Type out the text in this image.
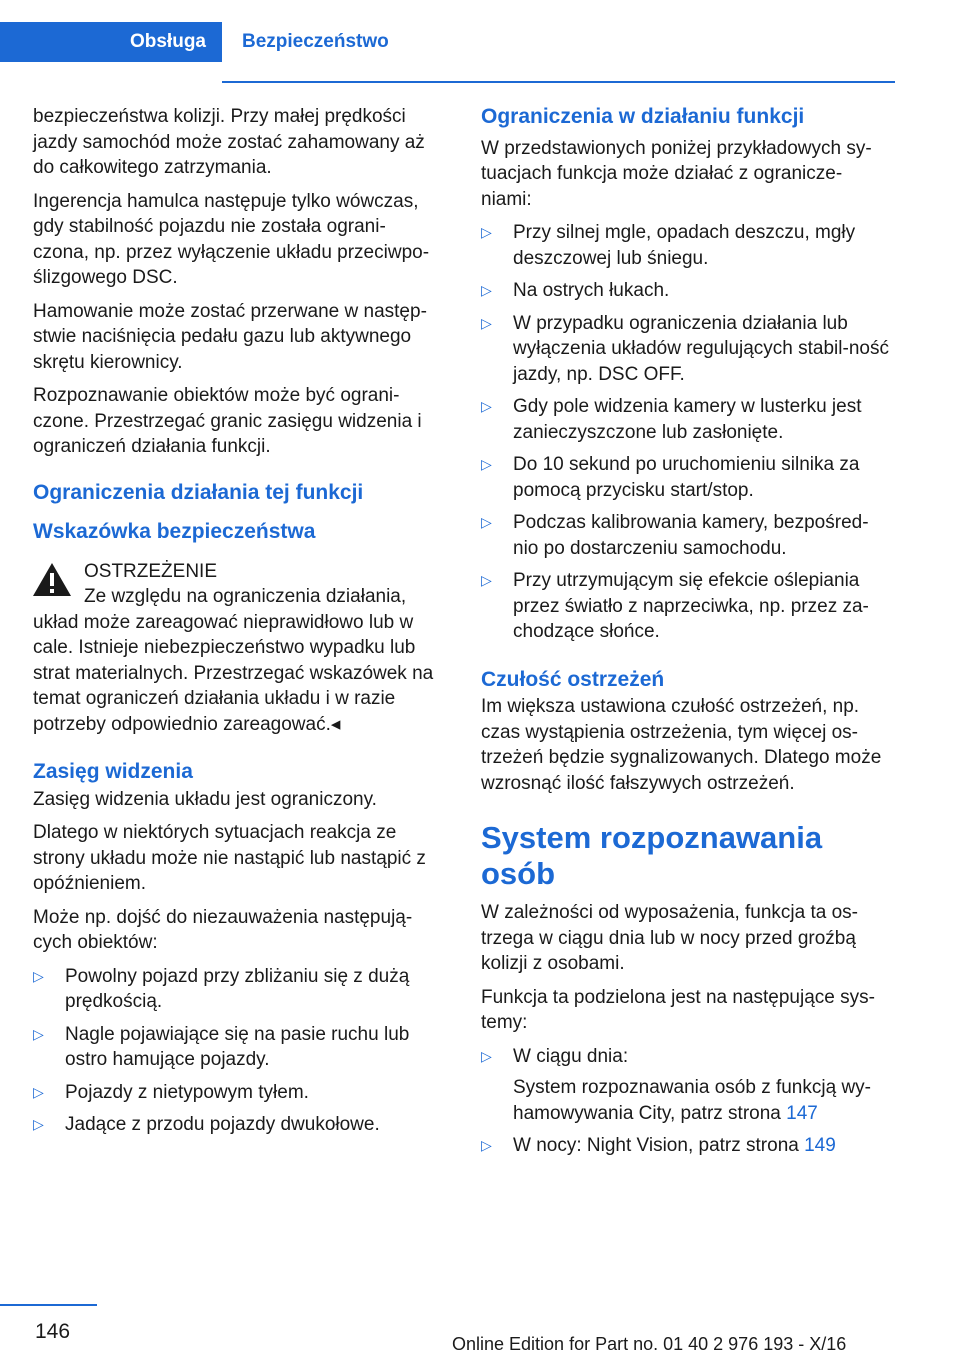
Obsługa	Bezpieczeństwo

bezpieczeństwa kolizji. Przy małej prędkości jazdy samochód może zostać zahamowany aż do całkowitego zatrzymania.

Ingerencja hamulca następuje tylko wówczas, gdy stabilność pojazdu nie została ograni‐czona, np. przez wyłączenie układu przeciwpo‐ślizgowego DSC.

Hamowanie może zostać przerwane w następ‐stwie naciśnięcia pedału gazu lub aktywnego skrętu kierownicy.

Rozpoznawanie obiektów może być ograni‐czone. Przestrzegać granic zasięgu widzenia i ograniczeń działania funkcji.

Ograniczenia działania tej funkcji
Wskazówka bezpieczeństwa
OSTRZEŻENIE
Ze względu na ograniczenia działania, układ może zareagować nieprawidłowo lub w cale. Istnieje niebezpieczeństwo wypadku lub strat materialnych. Przestrzegać wskazówek na temat ograniczeń działania układu i w razie potrzeby odpowiednio zareagować.◂
Zasięg widzenia

Zasięg widzenia układu jest ograniczony.

Dlatego w niektórych sytuacjach reakcja ze strony układu może nie nastąpić lub nastąpić z opóźnieniem.

Może np. dojść do niezauważenia następują‐cych obiektów:

▷ Powolny pojazd przy zbliżaniu się z dużą prędkością.
▷ Nagle pojawiające się na pasie ruchu lub ostro hamujące pojazdy.
▷ Pojazdy z nietypowym tyłem.
▷ Jadące z przodu pojazdy dwukołowe.
Ograniczenia w działaniu funkcji

W przedstawionych poniżej przykładowych sy‐tuacjach funkcja może działać z ogranicze‐niami:

▷ Przy silnej mgle, opadach deszczu, mgły deszczowej lub śniegu.
▷ Na ostrych łukach.
▷ W przypadku ograniczenia działania lub wyłączenia układów regulujących stabil‐ność jazdy, np. DSC OFF.
▷ Gdy pole widzenia kamery w lusterku jest zanieczyszczone lub zasłonięte.
▷ Do 10 sekund po uruchomieniu silnika za pomocą przycisku start/stop.
▷ Podczas kalibrowania kamery, bezpośred‐nio po dostarczeniu samochodu.
▷ Przy utrzymującym się efekcie oślepiania przez światło z naprzeciwka, np. przez za‐chodzące słońce.
Czułość ostrzeżeń

Im większa ustawiona czułość ostrzeżeń, np. czas wystąpienia ostrzeżenia, tym więcej os‐trzeżeń będzie sygnalizowanych. Dlatego może wzrosnąć ilość fałszywych ostrzeżeń.

System rozpoznawania osób

W zależności od wyposażenia, funkcja ta os‐trzega w ciągu dnia lub w nocy przed groźbą kolizji z osobami.

Funkcja ta podzielona jest na następujące sys‐temy:

▷ W ciągu dnia:

System rozpoznawania osób z funkcją wy‐hamowywania City, patrz strona 147

▷ W nocy: Night Vision, patrz strona 149
146
Online Edition for Part no. 01 40 2 976 193 - X/16
